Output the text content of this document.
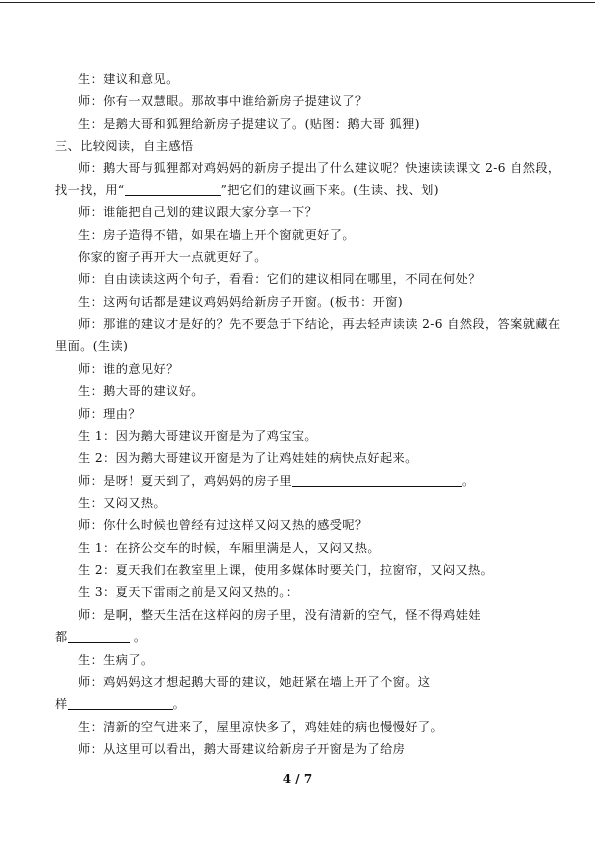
生：建议和意见。
师：你有一双慧眼。那故事中谁给新房子提建议了？
生：是鹅大哥和狐狸给新房子提建议了。(贴图：鹅大哥 狐狸)
三、比较阅读，自主感悟
师：鹅大哥与狐狸都对鸡妈妈的新房子提出了什么建议呢？快速读读课文 2-6 自然段，
找一找，用“	”把它们的建议画下来。(生读、找、划)
师：谁能把自己划的建议跟大家分享一下？
生：房子造得不错，如果在墙上开个窗就更好了。
你家的窗子再开大一点就更好了。
师：自由读读这两个句子，看看：它们的建议相同在哪里，不同在何处？
生：这两句话都是建议鸡妈妈给新房子开窗。(板书：开窗)
师：那谁的建议才是好的？先不要急于下结论，再去轻声读读 2-6 自然段，答案就藏在
里面。(生读)
师：谁的意见好？
生：鹅大哥的建议好。
师：理由？
生 1：因为鹅大哥建议开窗是为了鸡宝宝。
生 2：因为鹅大哥建议开窗是为了让鸡娃娃的病快点好起来。
师：是呀！夏天到了，鸡妈妈的房子里	。
生：又闷又热。
师：你什么时候也曾经有过这样又闷又热的感受呢？
生 1：在挤公交车的时候，车厢里满是人，又闷又热。
生 2：夏天我们在教室里上课，使用多媒体时要关门，拉窗帘，又闷又热。
生 3：夏天下雷雨之前是又闷又热的。：
师：是啊，整天生活在这样闷的房子里，没有清新的空气，怪不得鸡娃娃
都	。
生：生病了。
师：鸡妈妈这才想起鹅大哥的建议，她赶紧在墙上开了个窗。这
样	。
生：清新的空气进来了，屋里凉快多了，鸡娃娃的病也慢慢好了。
师：从这里可以看出，鹅大哥建议给新房子开窗是为了给房
4 / 7
